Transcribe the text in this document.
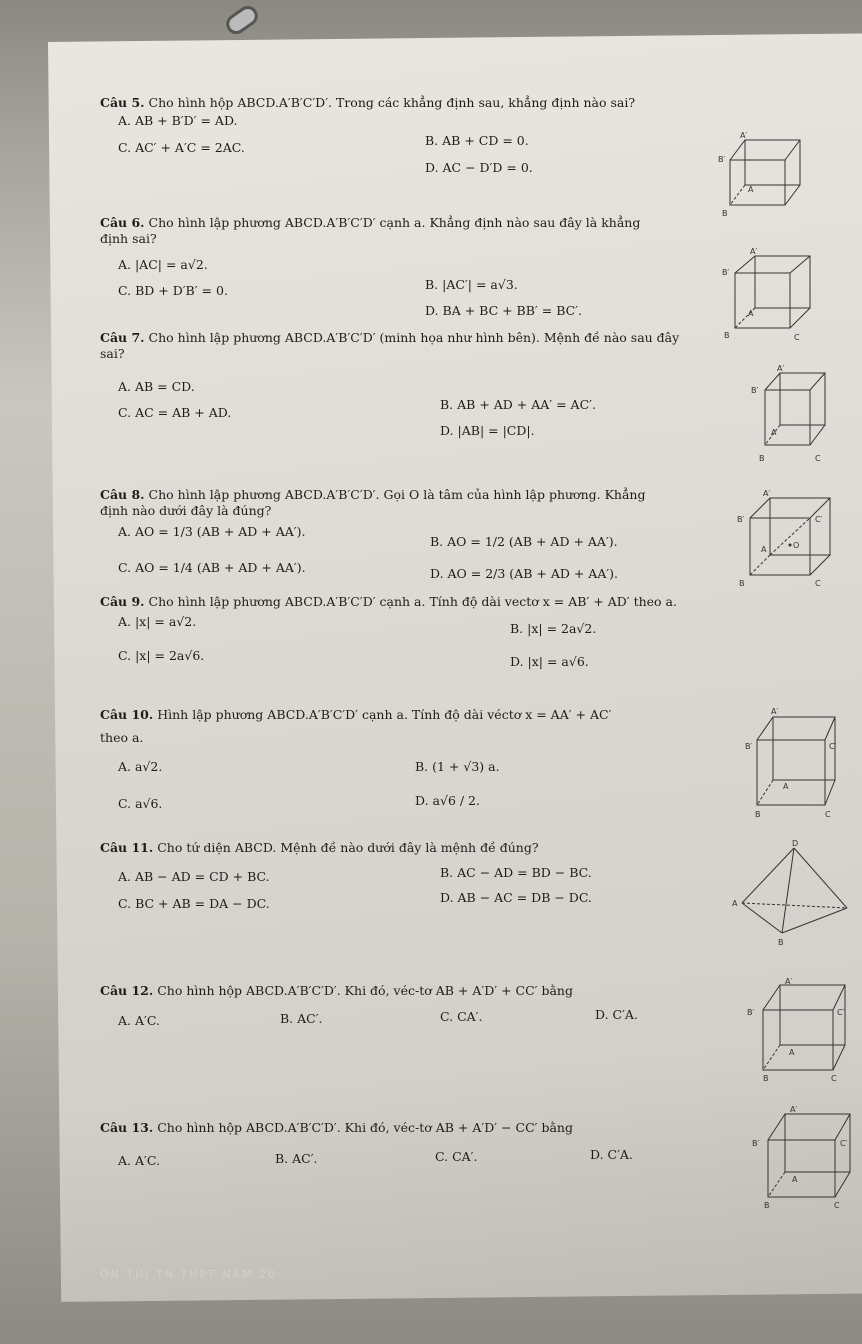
Câu 5. Cho hình hộp ABCD.A′B′C′D′. Trong các khẳng định sau, khẳng định nào sai?
A. AB + B′D′ = AD.
B. AB + CD = 0.
C. AC′ + A′C = 2AC.
D. AC − D′D = 0.
A′
B′
A
B
Câu 6. Cho hình lập phương ABCD.A′B′C′D′ cạnh a. Khẳng định nào sau đây là khẳng
định sai?
A. |AC| = a√2.
B. |AC′| = a√3.
C. BD + D′B′ = 0.
D. BA + BC + BB′ = BC′.
A′
B′
A
B	C
Câu 7. Cho hình lập phương ABCD.A′B′C′D′ (minh họa như hình bên). Mệnh đề nào sau đây
sai?
A. AB = CD.
B. AB + AD + AA′ = AC′.
C. AC = AB + AD.
D. |AB| = |CD|.
A′
B′
A
B	C
Câu 8. Cho hình lập phương ABCD.A′B′C′D′. Gọi O là tâm của hình lập phương. Khẳng
định nào dưới đây là đúng?
A. AO = 1/3 (AB + AD + AA′).
B. AO = 1/2 (AB + AD + AA′).
C. AO = 1/4 (AB + AD + AA′).	D. AO = 2/3 (AB + AD + AA′).
A′
B′	C′
A	O
B	C
Câu 9. Cho hình lập phương ABCD.A′B′C′D′ cạnh a. Tính độ dài vectơ x = AB′ + AD′ theo a.
A. |x| = a√2.	B. |x| = 2a√2.
C. |x| = 2a√6.	D. |x| = a√6.
Câu 10. Hình lập phương ABCD.A′B′C′D′ cạnh a. Tính độ dài véctơ x = AA′ + AC′
theo a.
A. a√2.	B. (1 + √3) a.
C. a√6.	D. a√6 / 2.
A′
B′	C′
A
B	C
Câu 11. Cho tứ diện ABCD. Mệnh đề nào dưới đây là mệnh đề đúng?
A. AB − AD = CD + BC.	B. AC − AD = BD − BC.
C. BC + AB = DA − DC.	D. AB − AC = DB − DC.
D
A
B
Câu 12. Cho hình hộp ABCD.A′B′C′D′. Khi đó, véc-tơ AB + A′D′ + CC′ bằng
A. A′C.	B. AC′.	C. CA′.	D. C′A.
A′
B′	C′
A
B	C
Câu 13. Cho hình hộp ABCD.A′B′C′D′. Khi đó, véc-tơ AB + A′D′ − CC′ bằng
A. A′C.	B. AC′.	C. CA′.	D. C′A.
A′
B′	C′
A
B	C
ÔN THI TN THPT NĂM 20
